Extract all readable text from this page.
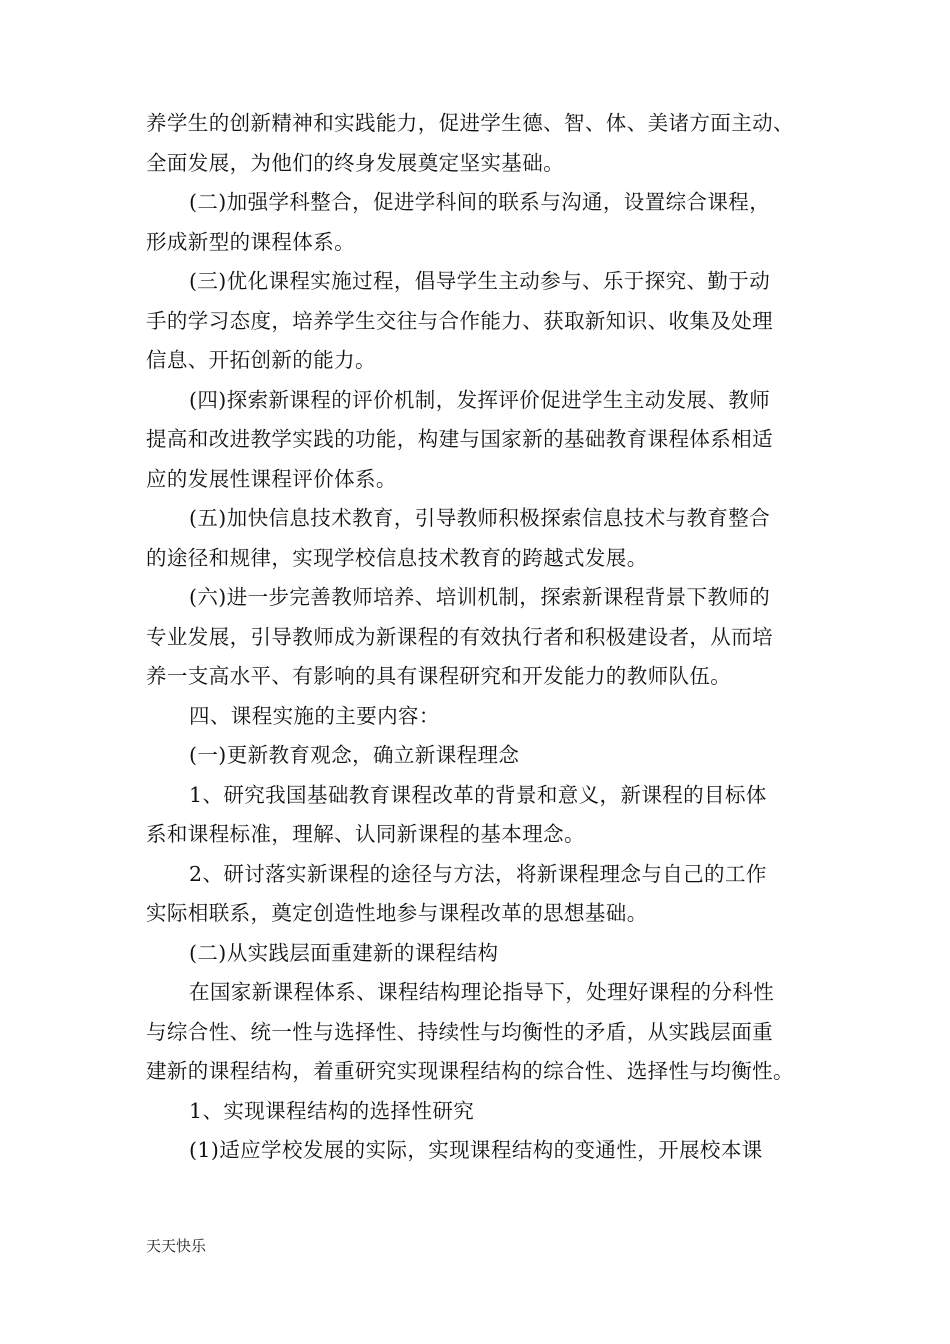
养学生的创新精神和实践能力，促进学生德、智、体、美诸方面主动、
全面发展，为他们的终身发展奠定坚实基础。

(二)加强学科整合，促进学科间的联系与沟通，设置综合课程，
形成新型的课程体系。

(三)优化课程实施过程，倡导学生主动参与、乐于探究、勤于动
手的学习态度，培养学生交往与合作能力、获取新知识、收集及处理
信息、开拓创新的能力。

(四)探索新课程的评价机制，发挥评价促进学生主动发展、教师
提高和改进教学实践的功能，构建与国家新的基础教育课程体系相适
应的发展性课程评价体系。

(五)加快信息技术教育，引导教师积极探索信息技术与教育整合
的途径和规律，实现学校信息技术教育的跨越式发展。

(六)进一步完善教师培养、培训机制，探索新课程背景下教师的
专业发展，引导教师成为新课程的有效执行者和积极建设者，从而培
养一支高水平、有影响的具有课程研究和开发能力的教师队伍。

四、课程实施的主要内容：

(一)更新教育观念，确立新课程理念

1、研究我国基础教育课程改革的背景和意义，新课程的目标体
系和课程标准，理解、认同新课程的基本理念。

2、研讨落实新课程的途径与方法，将新课程理念与自己的工作
实际相联系，奠定创造性地参与课程改革的思想基础。

(二)从实践层面重建新的课程结构

在国家新课程体系、课程结构理论指导下，处理好课程的分科性
与综合性、统一性与选择性、持续性与均衡性的矛盾，从实践层面重
建新的课程结构，着重研究实现课程结构的综合性、选择性与均衡性。

1、实现课程结构的选择性研究

(1)适应学校发展的实际，实现课程结构的变通性，开展校本课

天天快乐
